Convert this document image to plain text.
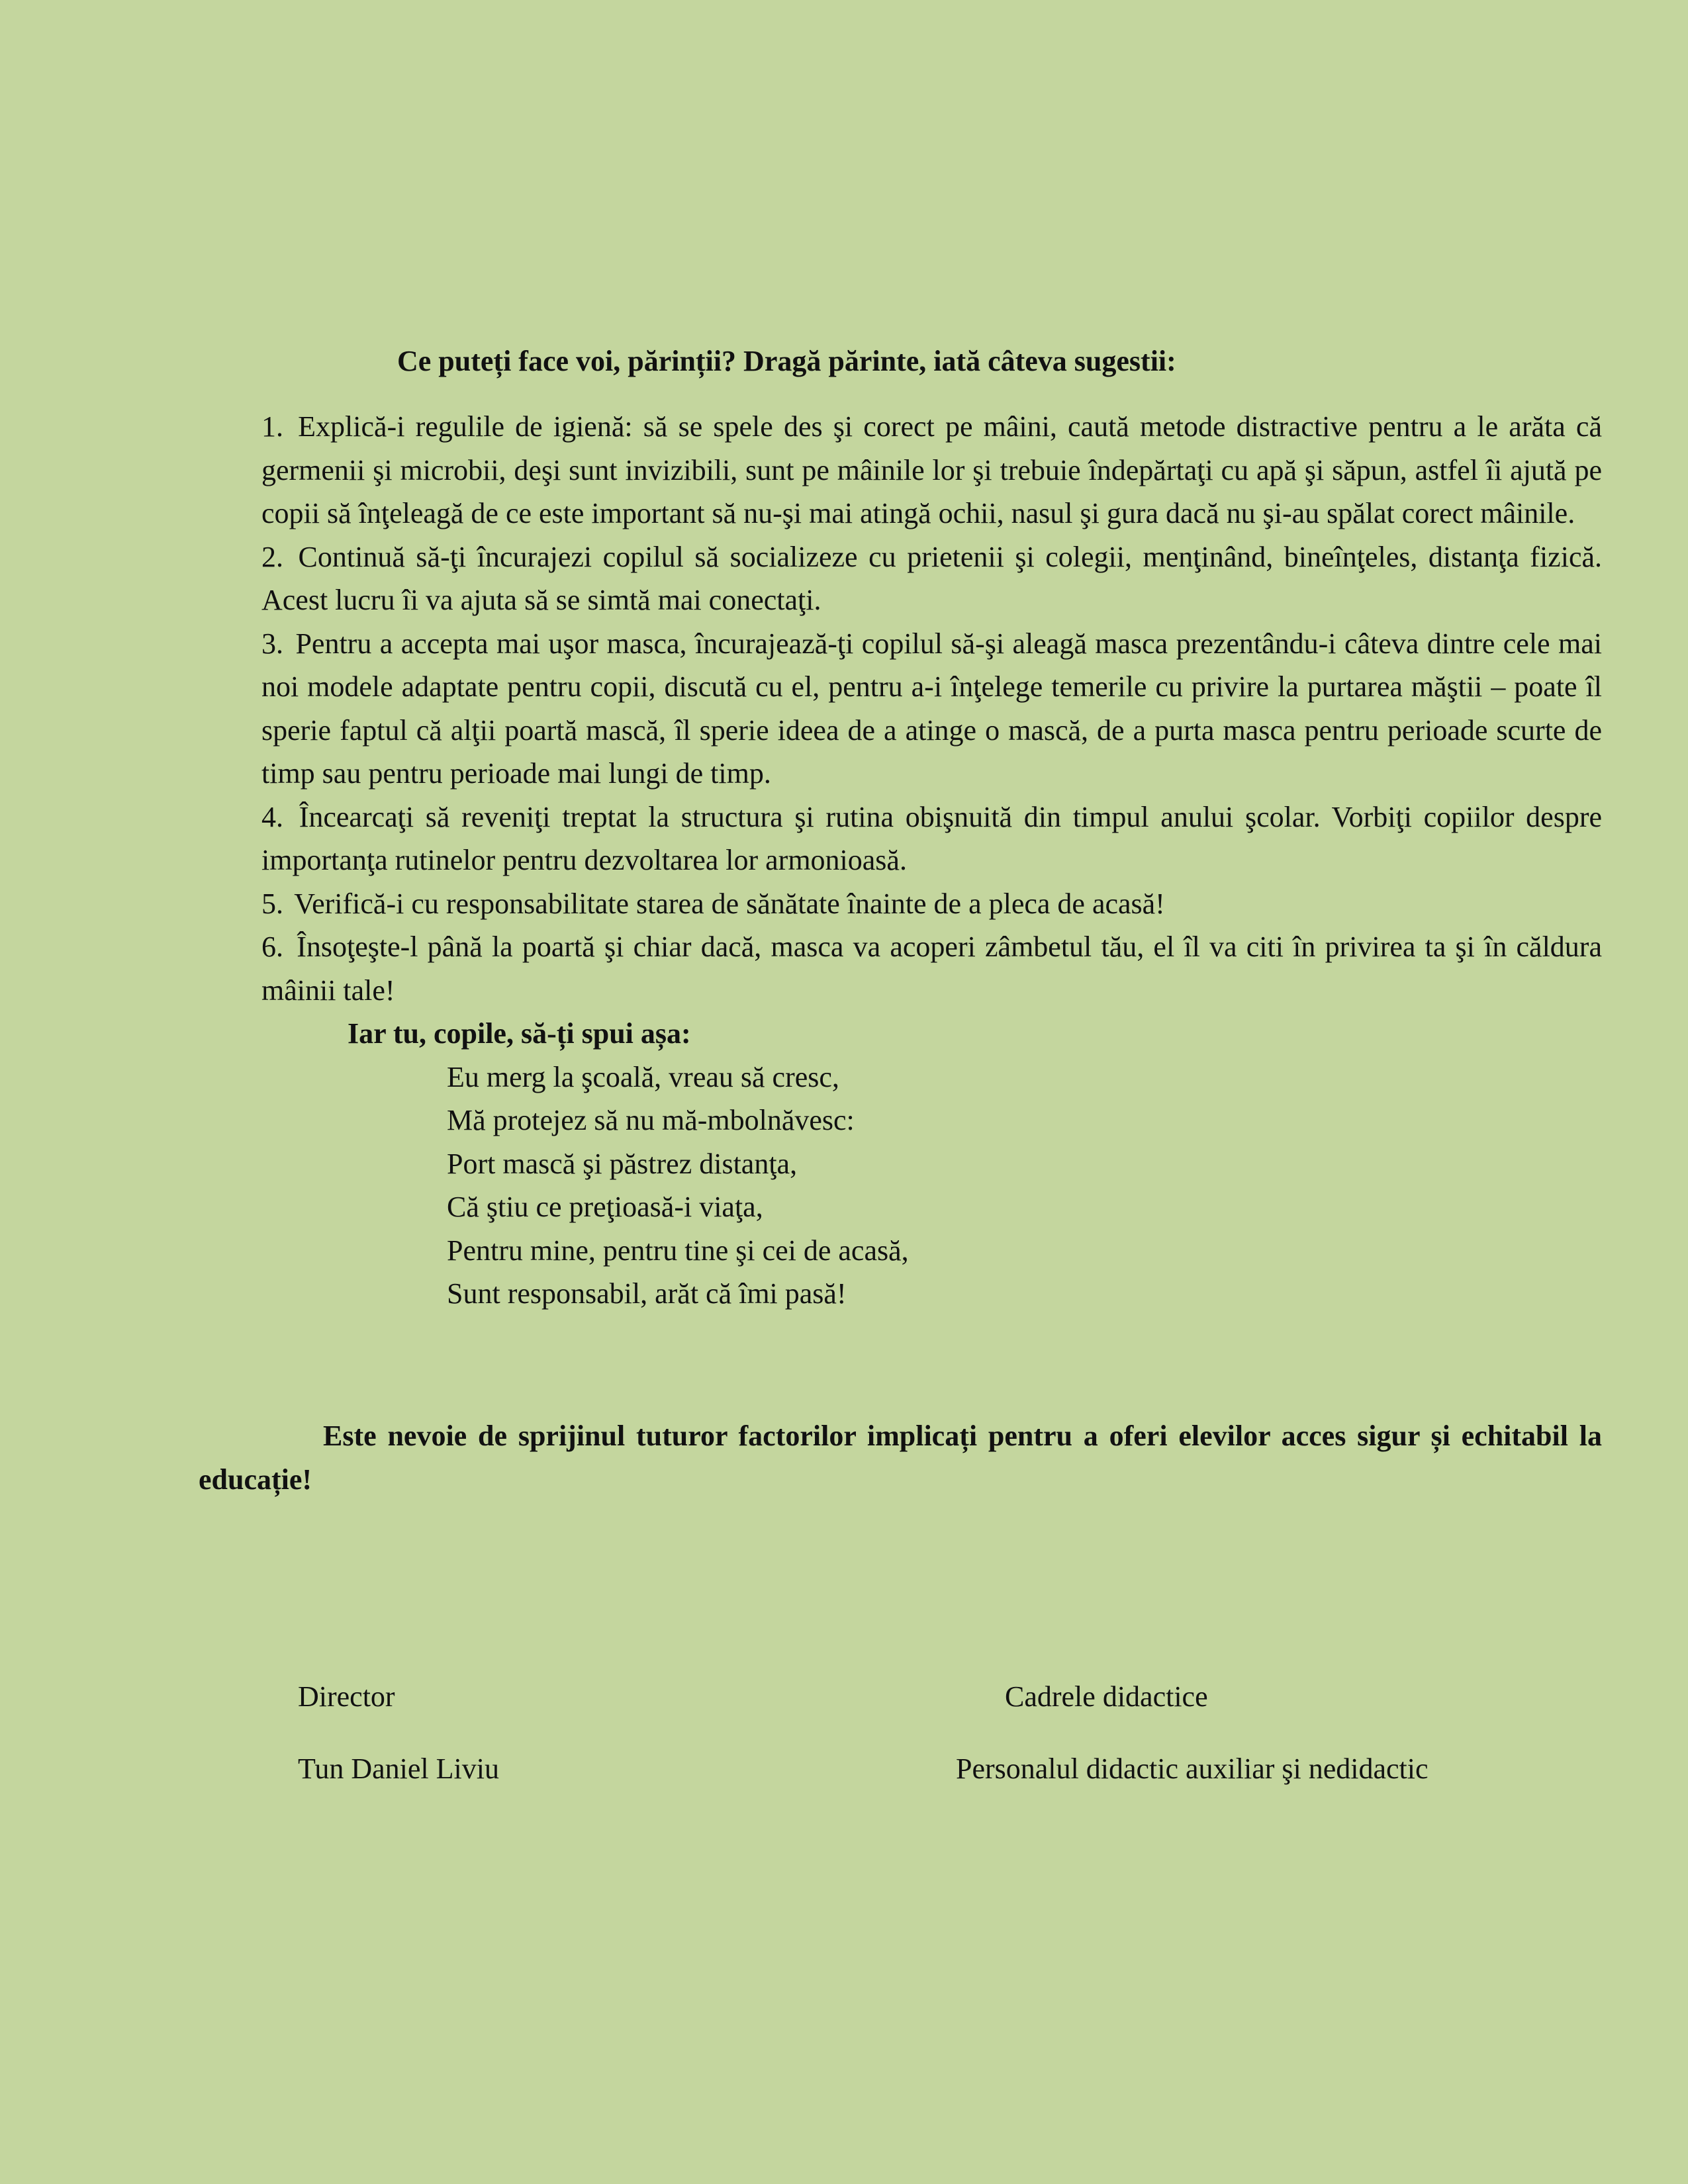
Ce puteți face voi, părinții? Dragă părinte, iată câteva sugestii:

1. Explică-i regulile de igienă: să se spele des şi corect pe mâini, caută metode distractive pentru a le arăta că germenii şi microbii, deşi sunt invizibili, sunt pe mâinile lor şi trebuie îndepărtaţi cu apă şi săpun, astfel îi ajută pe copii să înţeleagă de ce este important să nu-şi mai atingă ochii, nasul şi gura dacă nu şi-au spălat corect mâinile.

2. Continuă să-ţi încurajezi copilul să socializeze cu prietenii şi colegii, menţinând, bineînţeles, distanţa fizică. Acest lucru îi va ajuta să se simtă mai conectaţi.

3. Pentru a accepta mai uşor masca, încurajează-ţi copilul să-şi aleagă masca prezentându-i câteva dintre cele mai noi modele adaptate pentru copii, discută cu el, pentru a-i înţelege temerile cu privire la purtarea măştii – poate îl sperie faptul că alţii poartă mască, îl sperie ideea de a atinge o mască, de a purta masca pentru perioade scurte de timp sau pentru perioade mai lungi de timp.

4. Încearcaţi să reveniţi treptat la structura şi rutina obişnuită din timpul anului şcolar. Vorbiţi copiilor despre importanţa rutinelor pentru dezvoltarea lor armonioasă.

5. Verifică-i cu responsabilitate starea de sănătate înainte de a pleca de acasă!

6. Însoţeşte-l până la poartă şi chiar dacă, masca va acoperi zâmbetul tău, el îl va citi în privirea ta şi în căldura mâinii tale!

Iar tu, copile, să-ți spui așa:

Eu merg la şcoală, vreau să cresc,
Mă protejez să nu mă-mbolnăvesc:
Port mască şi păstrez distanţa,
Că ştiu ce preţioasă-i viaţa,
Pentru mine, pentru tine şi cei de acasă,
Sunt responsabil, arăt că îmi pasă!

Este nevoie de sprijinul tuturor factorilor implicați pentru a oferi elevilor acces sigur și echitabil la educație!

Director
Tun Daniel Liviu
Cadrele didactice
Personalul didactic auxiliar şi nedidactic
